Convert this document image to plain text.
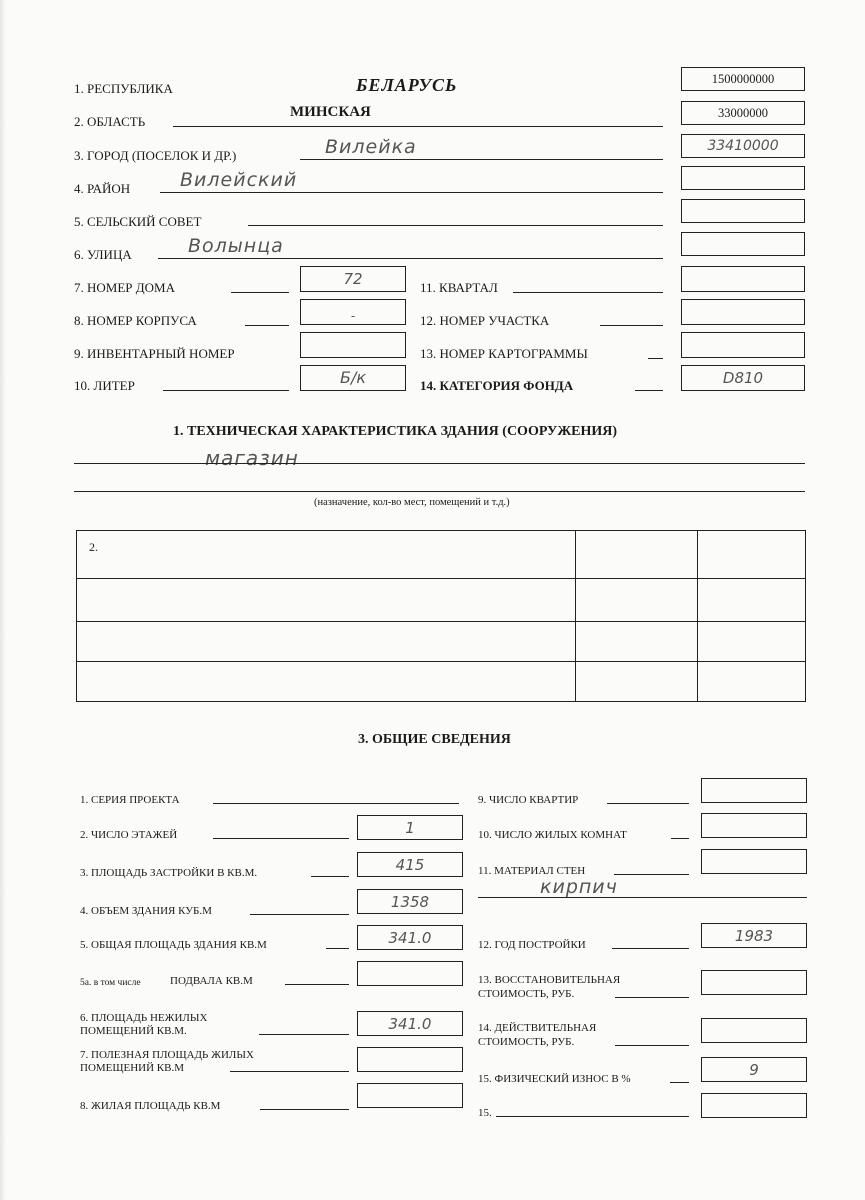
1. РЕСПУБЛИКА	БЕЛАРУСЬ	1500000000
2. ОБЛАСТЬ
МИНСКАЯ	33000000
3. ГОРОД (ПОСЕЛОК И ДР.)	Вилейка	33410000
4. РАЙОН	Вилейский
5. СЕЛЬСКИЙ СОВЕТ
6. УЛИЦА	Волынца
7. НОМЕР ДОМА	72
8. НОМЕР КОРПУСА	-
9. ИНВЕНТАРНЫЙ НОМЕР
10. ЛИТЕР	Б/к
11. КВАРТАЛ
12. НОМЕР УЧАСТКА
13. НОМЕР КАРТОГРАММЫ
14. КАТЕГОРИЯ ФОНДА	D810
1. ТЕХНИЧЕСКАЯ ХАРАКТЕРИСТИКА ЗДАНИЯ (СООРУЖЕНИЯ)
магазин
(назначение, кол-во мест, помещений и т.д.)
2.		

3. ОБЩИЕ СВЕДЕНИЯ
1. СЕРИЯ ПРОЕКТА
2. ЧИСЛО ЭТАЖЕЙ	1
3. ПЛОЩАДЬ ЗАСТРОЙКИ В КВ.М.	415
4. ОБЪЕМ ЗДАНИЯ КУБ.М	1358
5. ОБЩАЯ ПЛОЩАДЬ ЗДАНИЯ КВ.М	341.0
5а. в том числе	ПОДВАЛА КВ.М
6. ПЛОЩАДЬ НЕЖИЛЫХ
ПОМЕЩЕНИЙ КВ.М.	341.0
7. ПОЛЕЗНАЯ ПЛОЩАДЬ ЖИЛЫХ
ПОМЕЩЕНИЙ КВ.М
8. ЖИЛАЯ ПЛОЩАДЬ КВ.М
9. ЧИСЛО КВАРТИР
10. ЧИСЛО ЖИЛЫХ КОМНАТ
11. МАТЕРИАЛ СТЕН
кирпич
12. ГОД ПОСТРОЙКИ	1983
13. ВОССТАНОВИТЕЛЬНАЯ
СТОИМОСТЬ, РУБ.
14. ДЕЙСТВИТЕЛЬНАЯ
СТОИМОСТЬ, РУБ.
15. ФИЗИЧЕСКИЙ ИЗНОС В %	9
15.
